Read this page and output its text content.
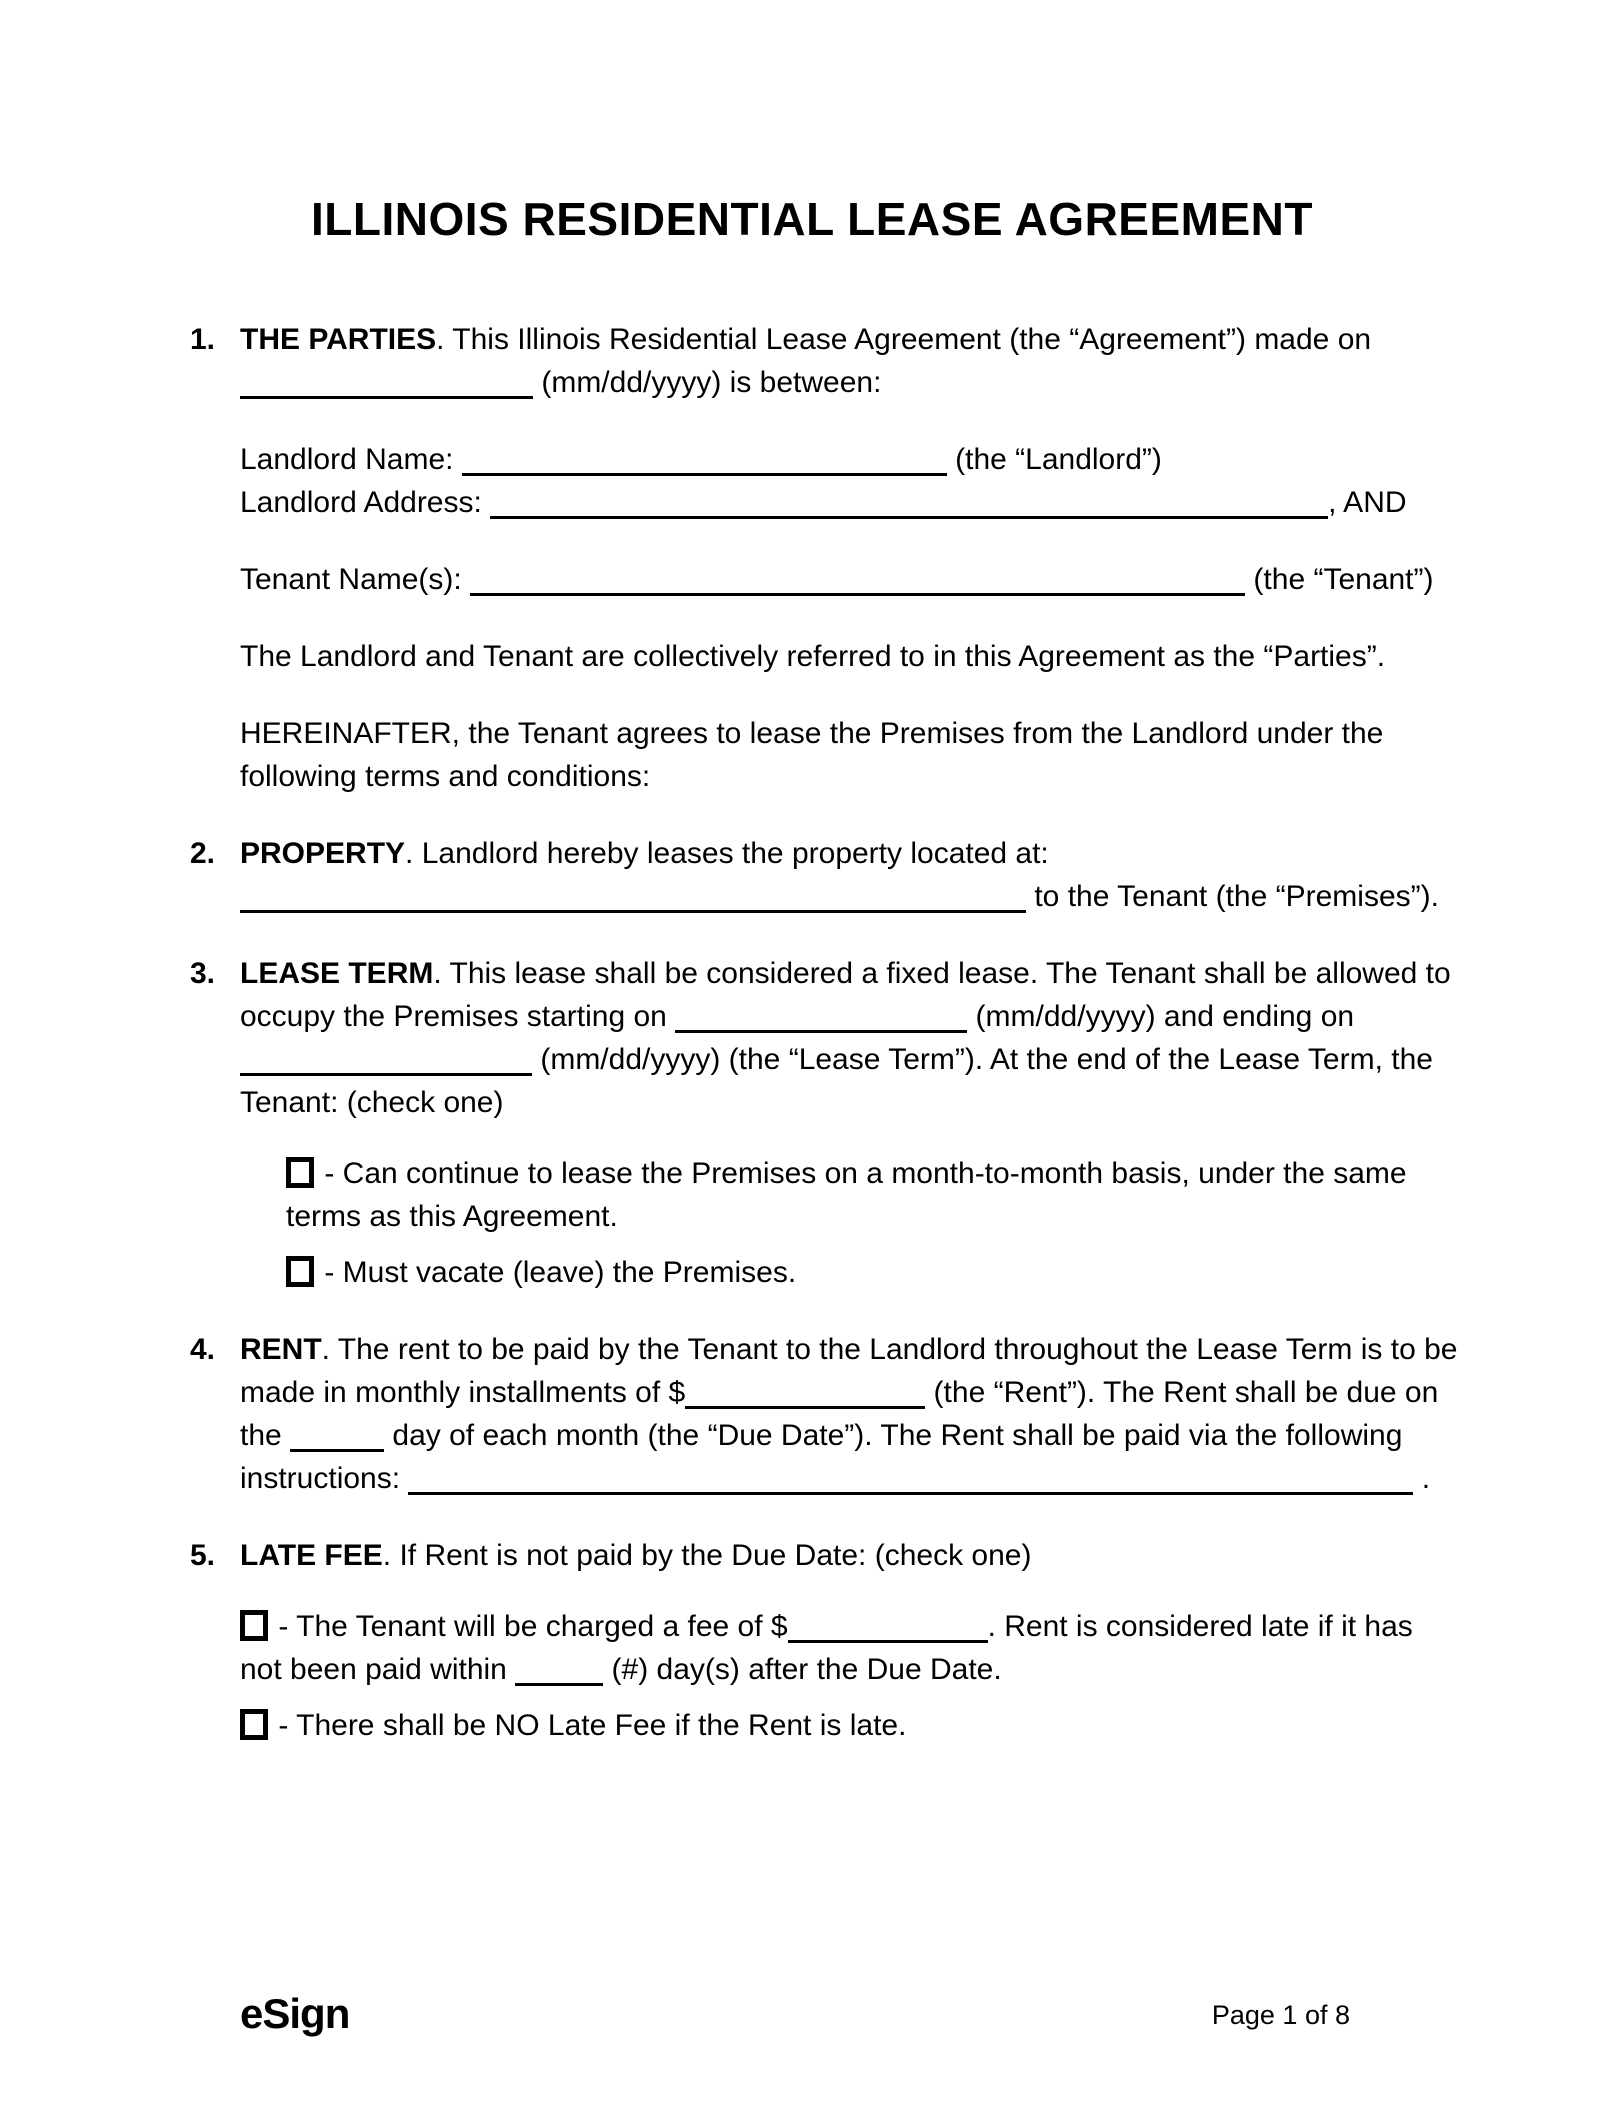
ILLINOIS RESIDENTIAL LEASE AGREEMENT
1. THE PARTIES. This Illinois Residential Lease Agreement (the “Agreement”) made on
(mm/dd/yyyy) is between:
Landlord Name:	(the “Landlord”)
Landlord Address:	, AND
Tenant Name(s):	(the “Tenant”)
The Landlord and Tenant are collectively referred to in this Agreement as the “Parties”.
HEREINAFTER, the Tenant agrees to lease the Premises from the Landlord under the
following terms and conditions:
2. PROPERTY. Landlord hereby leases the property located at:
to the Tenant (the “Premises”).
3. LEASE TERM. This lease shall be considered a fixed lease. The Tenant shall be allowed to
occupy the Premises starting on	(mm/dd/yyyy) and ending on
(mm/dd/yyyy) (the “Lease Term”). At the end of the Lease Term, the
Tenant: (check one)
- Can continue to lease the Premises on a month-to-month basis, under the same
terms as this Agreement.
- Must vacate (leave) the Premises.
4. RENT. The rent to be paid by the Tenant to the Landlord throughout the Lease Term is to be
made in monthly installments of $	(the “Rent”). The Rent shall be due on
the	day of each month (the “Due Date”). The Rent shall be paid via the following
instructions:	.
5. LATE FEE. If Rent is not paid by the Due Date: (check one)
- The Tenant will be charged a fee of $	. Rent is considered late if it has
not been paid within	(#) day(s) after the Due Date.
- There shall be NO Late Fee if the Rent is late.
eSign	Page 1 of 8
